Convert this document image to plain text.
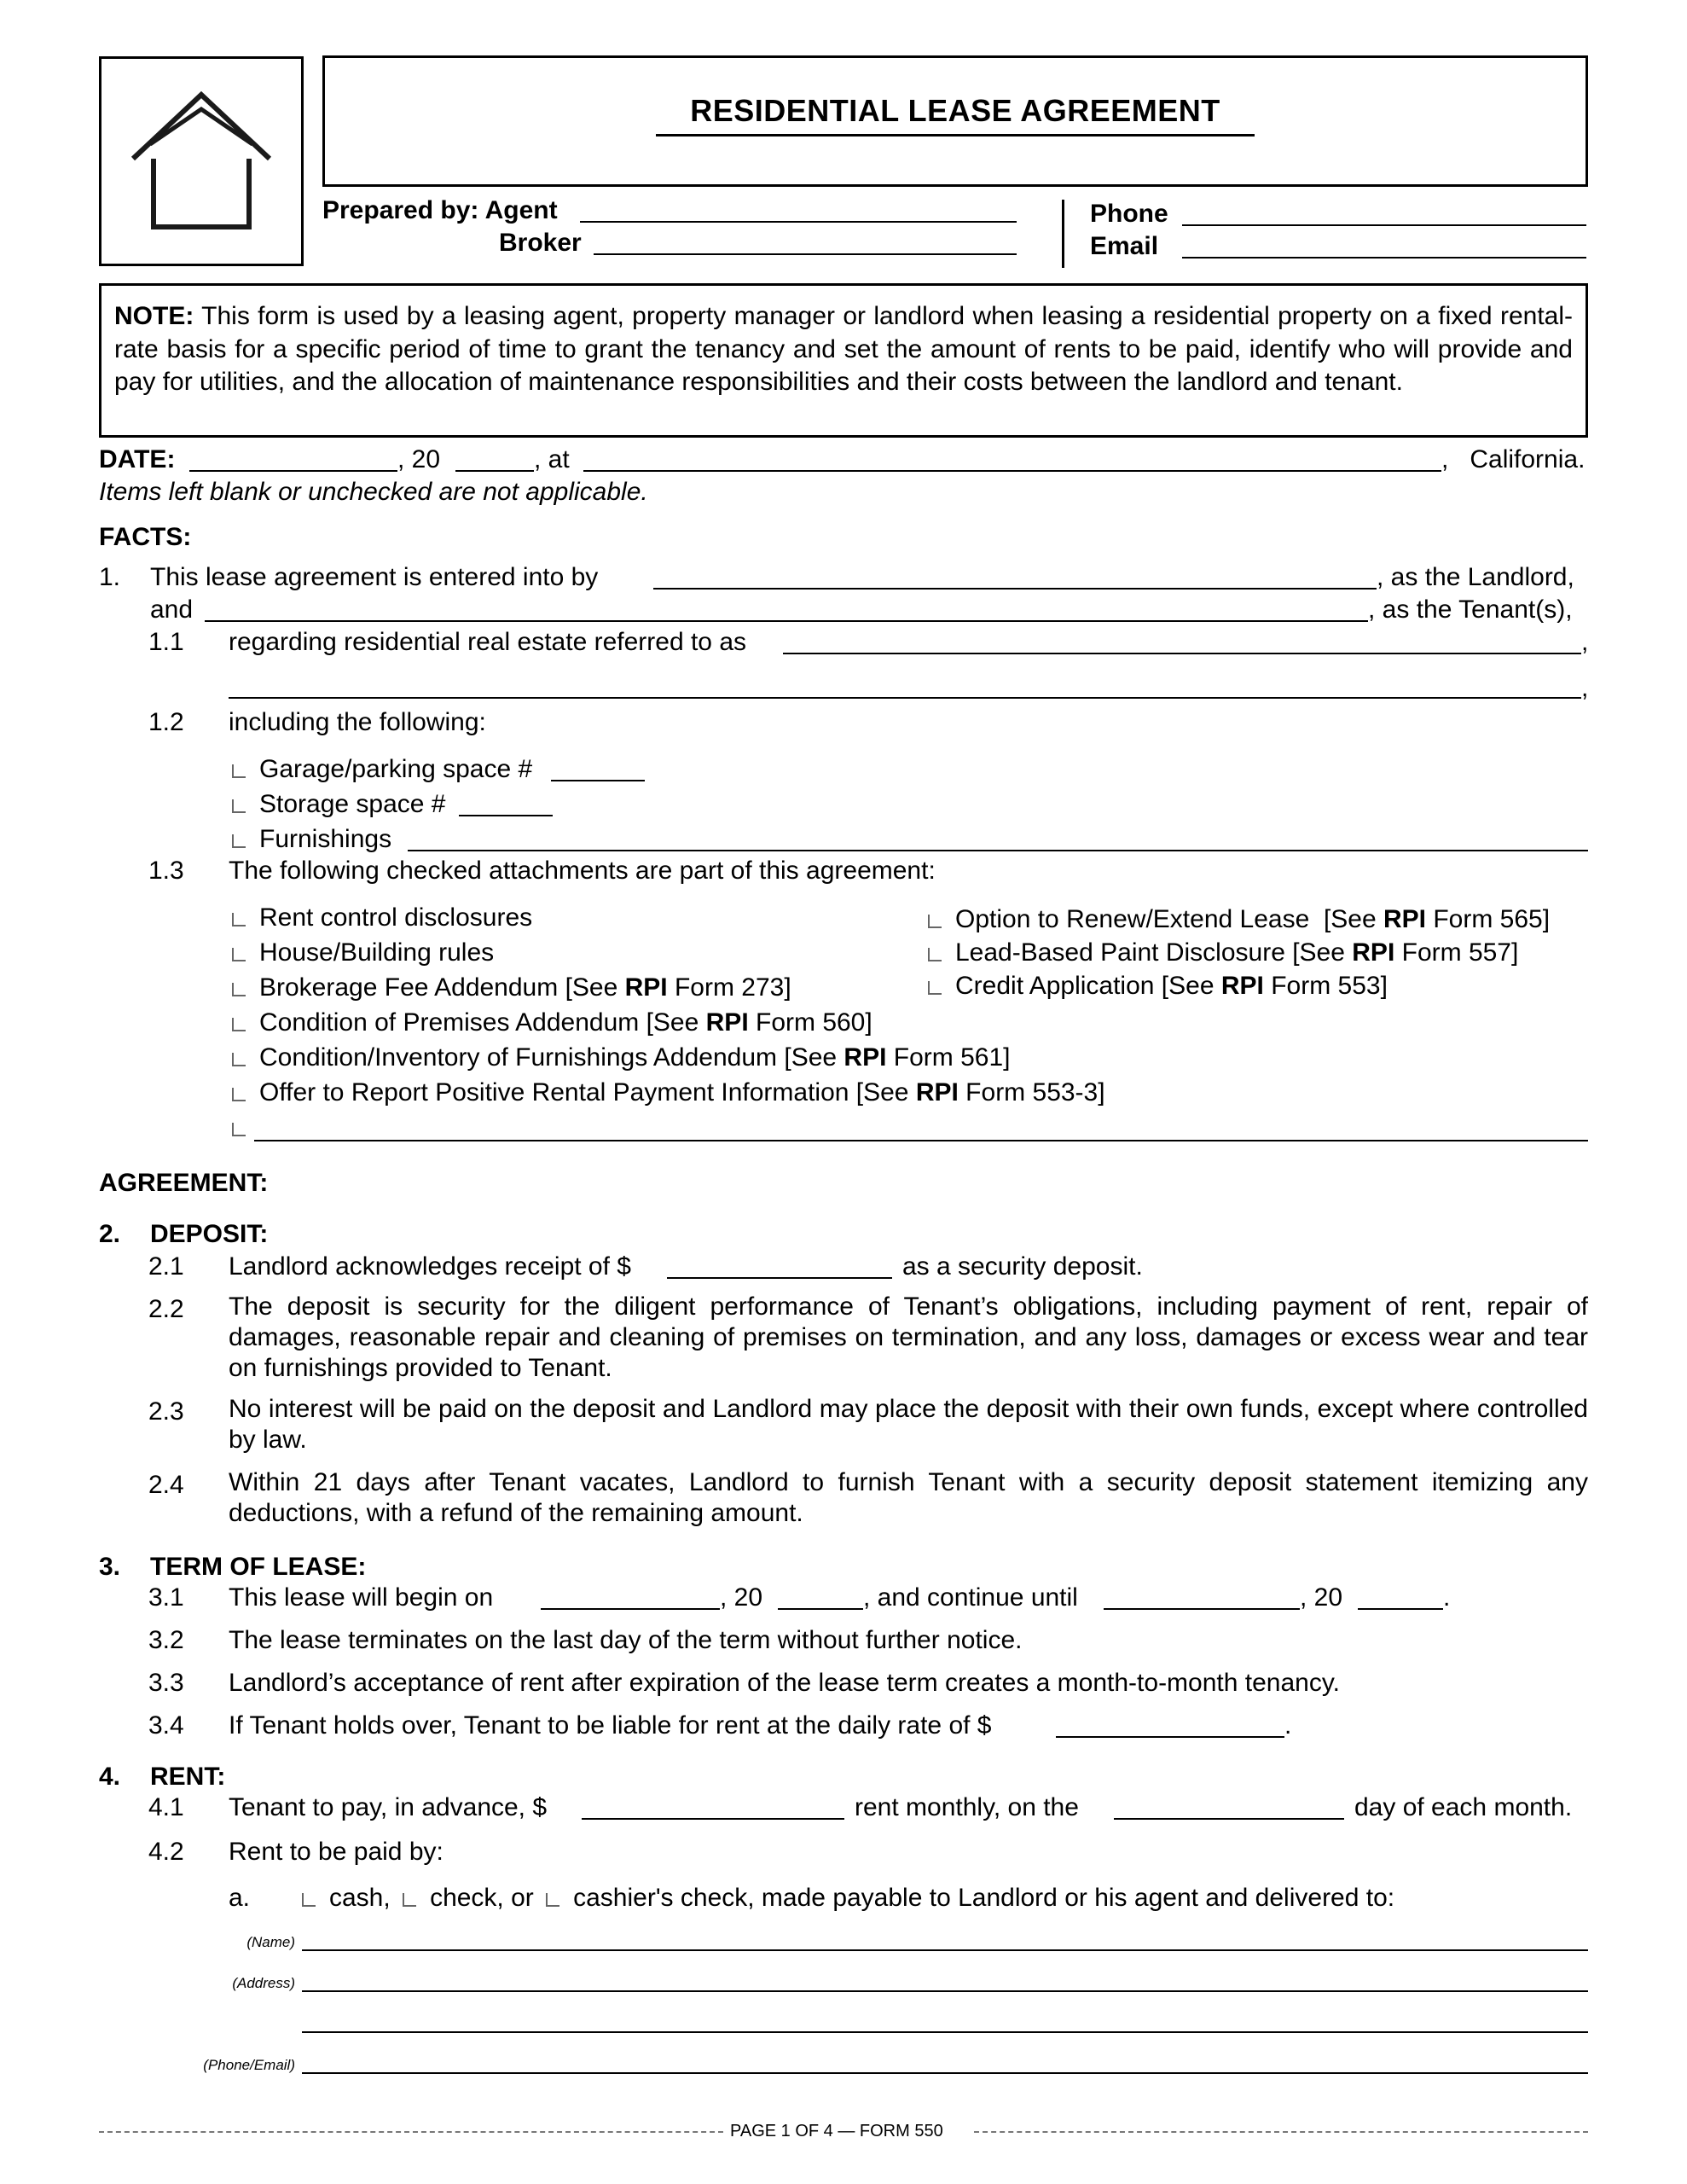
RESIDENTIAL LEASE AGREEMENT
Prepared by: Agent
Broker
Phone
Email
NOTE: This form is used by a leasing agent, property manager or landlord when leasing a residential property on a fixed rental-rate basis for a specific period of time to grant the tenancy and set the amount of rents to be paid, identify who will provide and pay for utilities, and the allocation of maintenance responsibilities and their costs between the landlord and tenant.
DATE:	, 20	, at	,   California.
Items left blank or unchecked are not applicable.
FACTS:
1. This lease agreement is entered into by	, as the Landlord,
and	, as the Tenant(s),
1.1 regarding residential real estate referred to as	,
,
1.2 including the following:
Garage/parking space #
Storage space #
Furnishings
1.3 The following checked attachments are part of this agreement:
Rent control disclosures
House/Building rules
Brokerage Fee Addendum [See RPI Form 273]
Condition of Premises Addendum [See RPI Form 560]
Condition/Inventory of Furnishings Addendum [See RPI Form 561]
Offer to Report Positive Rental Payment Information [See RPI Form 553-3]
Option to Renew/Extend Lease  [See RPI Form 565]
Lead-Based Paint Disclosure [See RPI Form 557]
Credit Application [See RPI Form 553]
AGREEMENT:
2. DEPOSIT:
2.1 Landlord acknowledges receipt of $	as a security deposit.
2.2 The deposit is security for the diligent performance of Tenant’s obligations, including payment of rent, repair of damages, reasonable repair and cleaning of premises on termination, and any loss, damages or excess wear and tear on furnishings provided to Tenant.
2.3 No interest will be paid on the deposit and Landlord may place the deposit with their own funds, except where controlled by law.
2.4 Within 21 days after Tenant vacates, Landlord to furnish Tenant with a security deposit statement itemizing any deductions, with a refund of the remaining amount.
3. TERM OF LEASE:
3.1 This lease will begin on	, 20	, and continue until	, 20	.
3.2 The lease terminates on the last day of the term without further notice.
3.3 Landlord’s acceptance of rent after expiration of the lease term creates a month-to-month tenancy.
3.4 If Tenant holds over, Tenant to be liable for rent at the daily rate of $	.
4. RENT:
4.1 Tenant to pay, in advance, $	rent monthly, on the	day of each month.
4.2 Rent to be paid by:
a.	cash, check, or cashier's check, made payable to Landlord or his agent and delivered to:
(Name)
(Address)
(Phone/Email)
PAGE 1 OF 4 — FORM 550
